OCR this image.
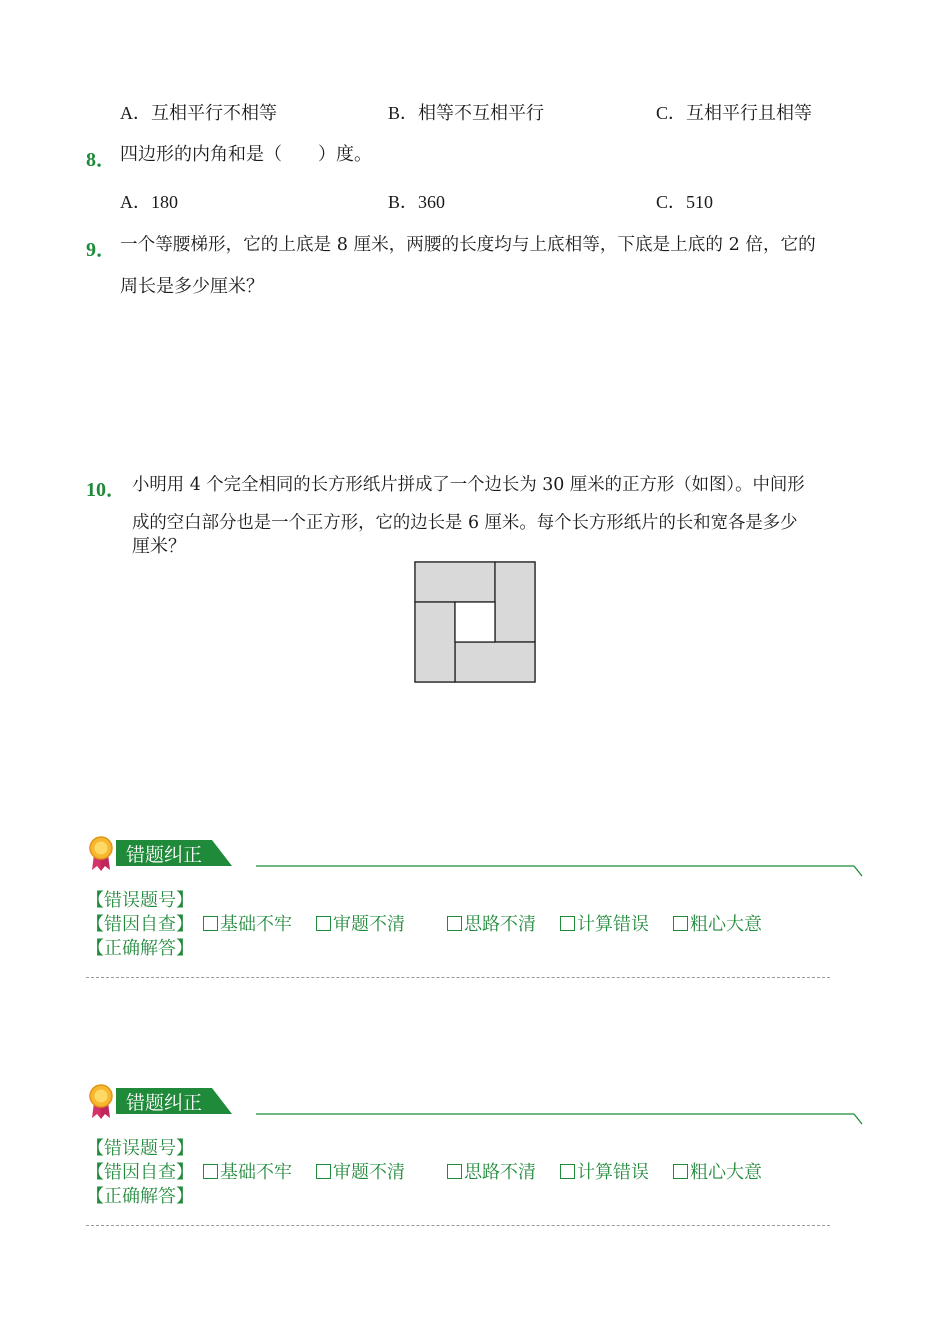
A．互相平行不相等	B．相等不互相平行	C．互相平行且相等
8． 四边形的内角和是（　　）度。
A．180	B．360	C．510
9． 一个等腰梯形，它的上底是 8 厘米，两腰的长度均与上底相等，下底是上底的 2 倍，它的
周长是多少厘米？
10． 小明用 4 个完全相同的长方形纸片拼成了一个边长为 30 厘米的正方形（如图）。中间形
成的空白部分也是一个正方形，它的边长是 6 厘米。每个长方形纸片的长和宽各是多少
厘米？
错题纠正
【错误题号】
【错因自查】	基础不牢	审题不清	思路不清	计算错误	粗心大意
【正确解答】
错题纠正
【错误题号】
【错因自查】	基础不牢	审题不清	思路不清	计算错误	粗心大意
【正确解答】
